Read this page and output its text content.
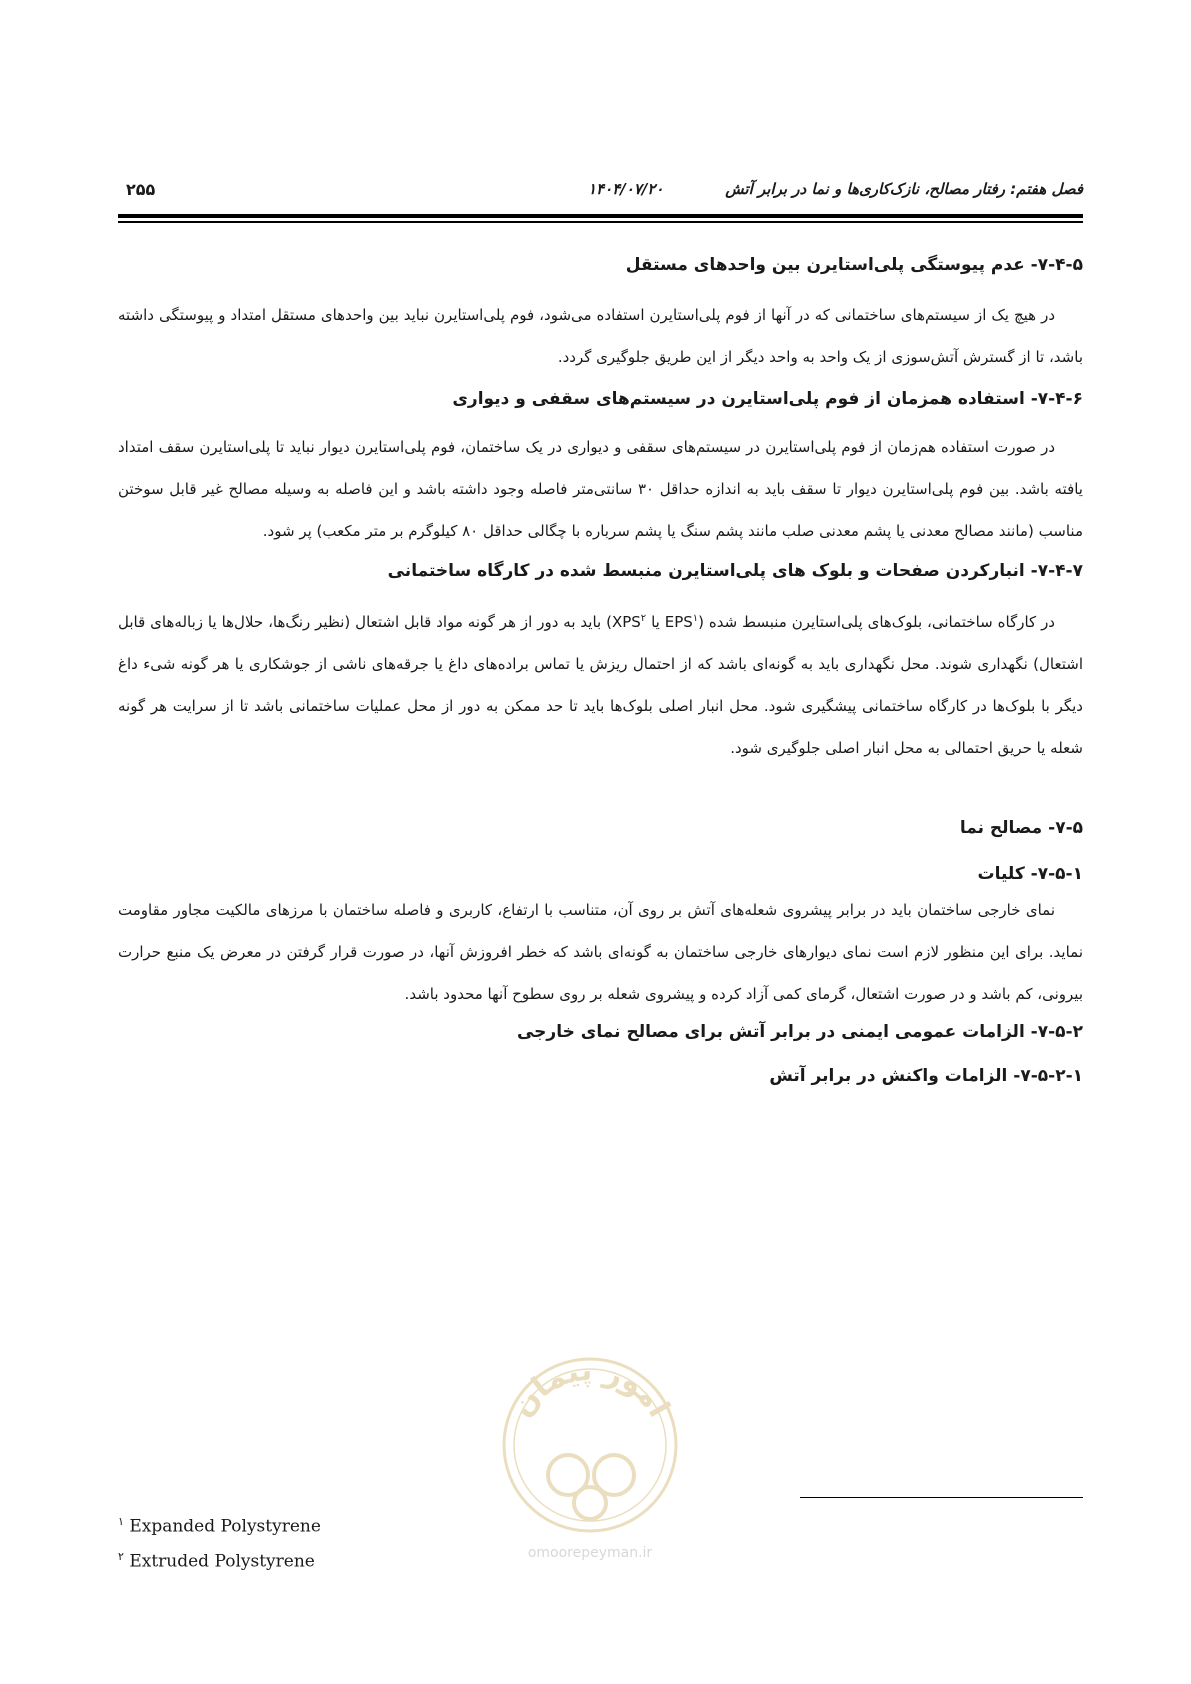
فصل هفتم: رفتار مصالح، نازک‌کاری‌ها و نما در برابر آتش
۱۴۰۴/۰۷/۲۰
۲۵۵
۷-۴-۵- عدم پیوستگی پلی‌استایرن بین واحدهای مستقل

در هیچ یک از سیستم‌های ساختمانی که در آنها از فوم پلی‌استایرن استفاده می‌شود، فوم پلی‌استایرن نباید بین واحدهای مستقل امتداد و پیوستگی داشته باشد، تا از گسترش آتش‌سوزی از یک واحد به واحد دیگر از این طریق جلوگیری گردد.

۷-۴-۶- استفاده همزمان از فوم پلی‌استایرن در سیستم‌های سقفی و دیواری

در صورت استفاده هم‌زمان از فوم پلی‌استایرن در سیستم‌های سقفی و دیواری در یک ساختمان، فوم پلی‌استایرن دیوار نباید تا پلی‌استایرن سقف امتداد یافته باشد. بین فوم پلی‌استایرن دیوار تا سقف باید به اندازه حداقل ۳۰ سانتی‌متر فاصله وجود داشته باشد و این فاصله به وسیله مصالح غیر قابل سوختن مناسب (مانند مصالح معدنی یا پشم معدنی صلب مانند پشم سنگ یا پشم سرباره با چگالی حداقل ۸۰ کیلوگرم بر متر مکعب) پر شود.

۷-۴-۷- انبارکردن صفحات و بلوک های پلی‌استایرن منبسط شده در کارگاه ساختمانی

در کارگاه ساختمانی، بلوک‌های پلی‌استایرن منبسط شده (EPS$^۱$ یا XPS$^۲$) باید به دور از هر گونه مواد قابل اشتعال (نظیر رنگ‌ها، حلال‌ها یا زباله‌های قابل اشتعال) نگهداری شوند. محل نگهداری باید به گونه‌ای باشد که از احتمال ریزش یا تماس براده‌های داغ یا جرقه‌های ناشی از جوشکاری یا هر گونه شیء داغ دیگر با بلوک‌ها در کارگاه ساختمانی پیشگیری شود. محل انبار اصلی بلوک‌ها باید تا حد ممکن به دور از محل عملیات ساختمانی باشد تا از سرایت هر گونه شعله یا حریق احتمالی به محل انبار اصلی جلوگیری شود.

۷-۵- مصالح نما
۷-۵-۱- کلیات

نمای خارجی ساختمان باید در برابر پیشروی شعله‌های آتش بر روی آن، متناسب با ارتفاع، کاربری و فاصله ساختمان با مرزهای مالکیت مجاور مقاومت نماید. برای این منظور لازم است نمای دیوارهای خارجی ساختمان به گونه‌ای باشد که خطر افروزش آنها، در صورت قرار گرفتن در معرض یک منبع حرارت بیرونی، کم باشد و در صورت اشتعال، گرمای کمی آزاد کرده و پیشروی شعله بر روی سطوح آنها محدود باشد.

۷-۵-۲- الزامات عمومی ایمنی در برابر آتش برای مصالح نمای خارجی
۷-۵-۲-۱- الزامات واکنش در برابر آتش
امور پیمان
omoorepeyman.ir
$^۱$ Expanded Polystyrene
$^۲$ Extruded Polystyrene
